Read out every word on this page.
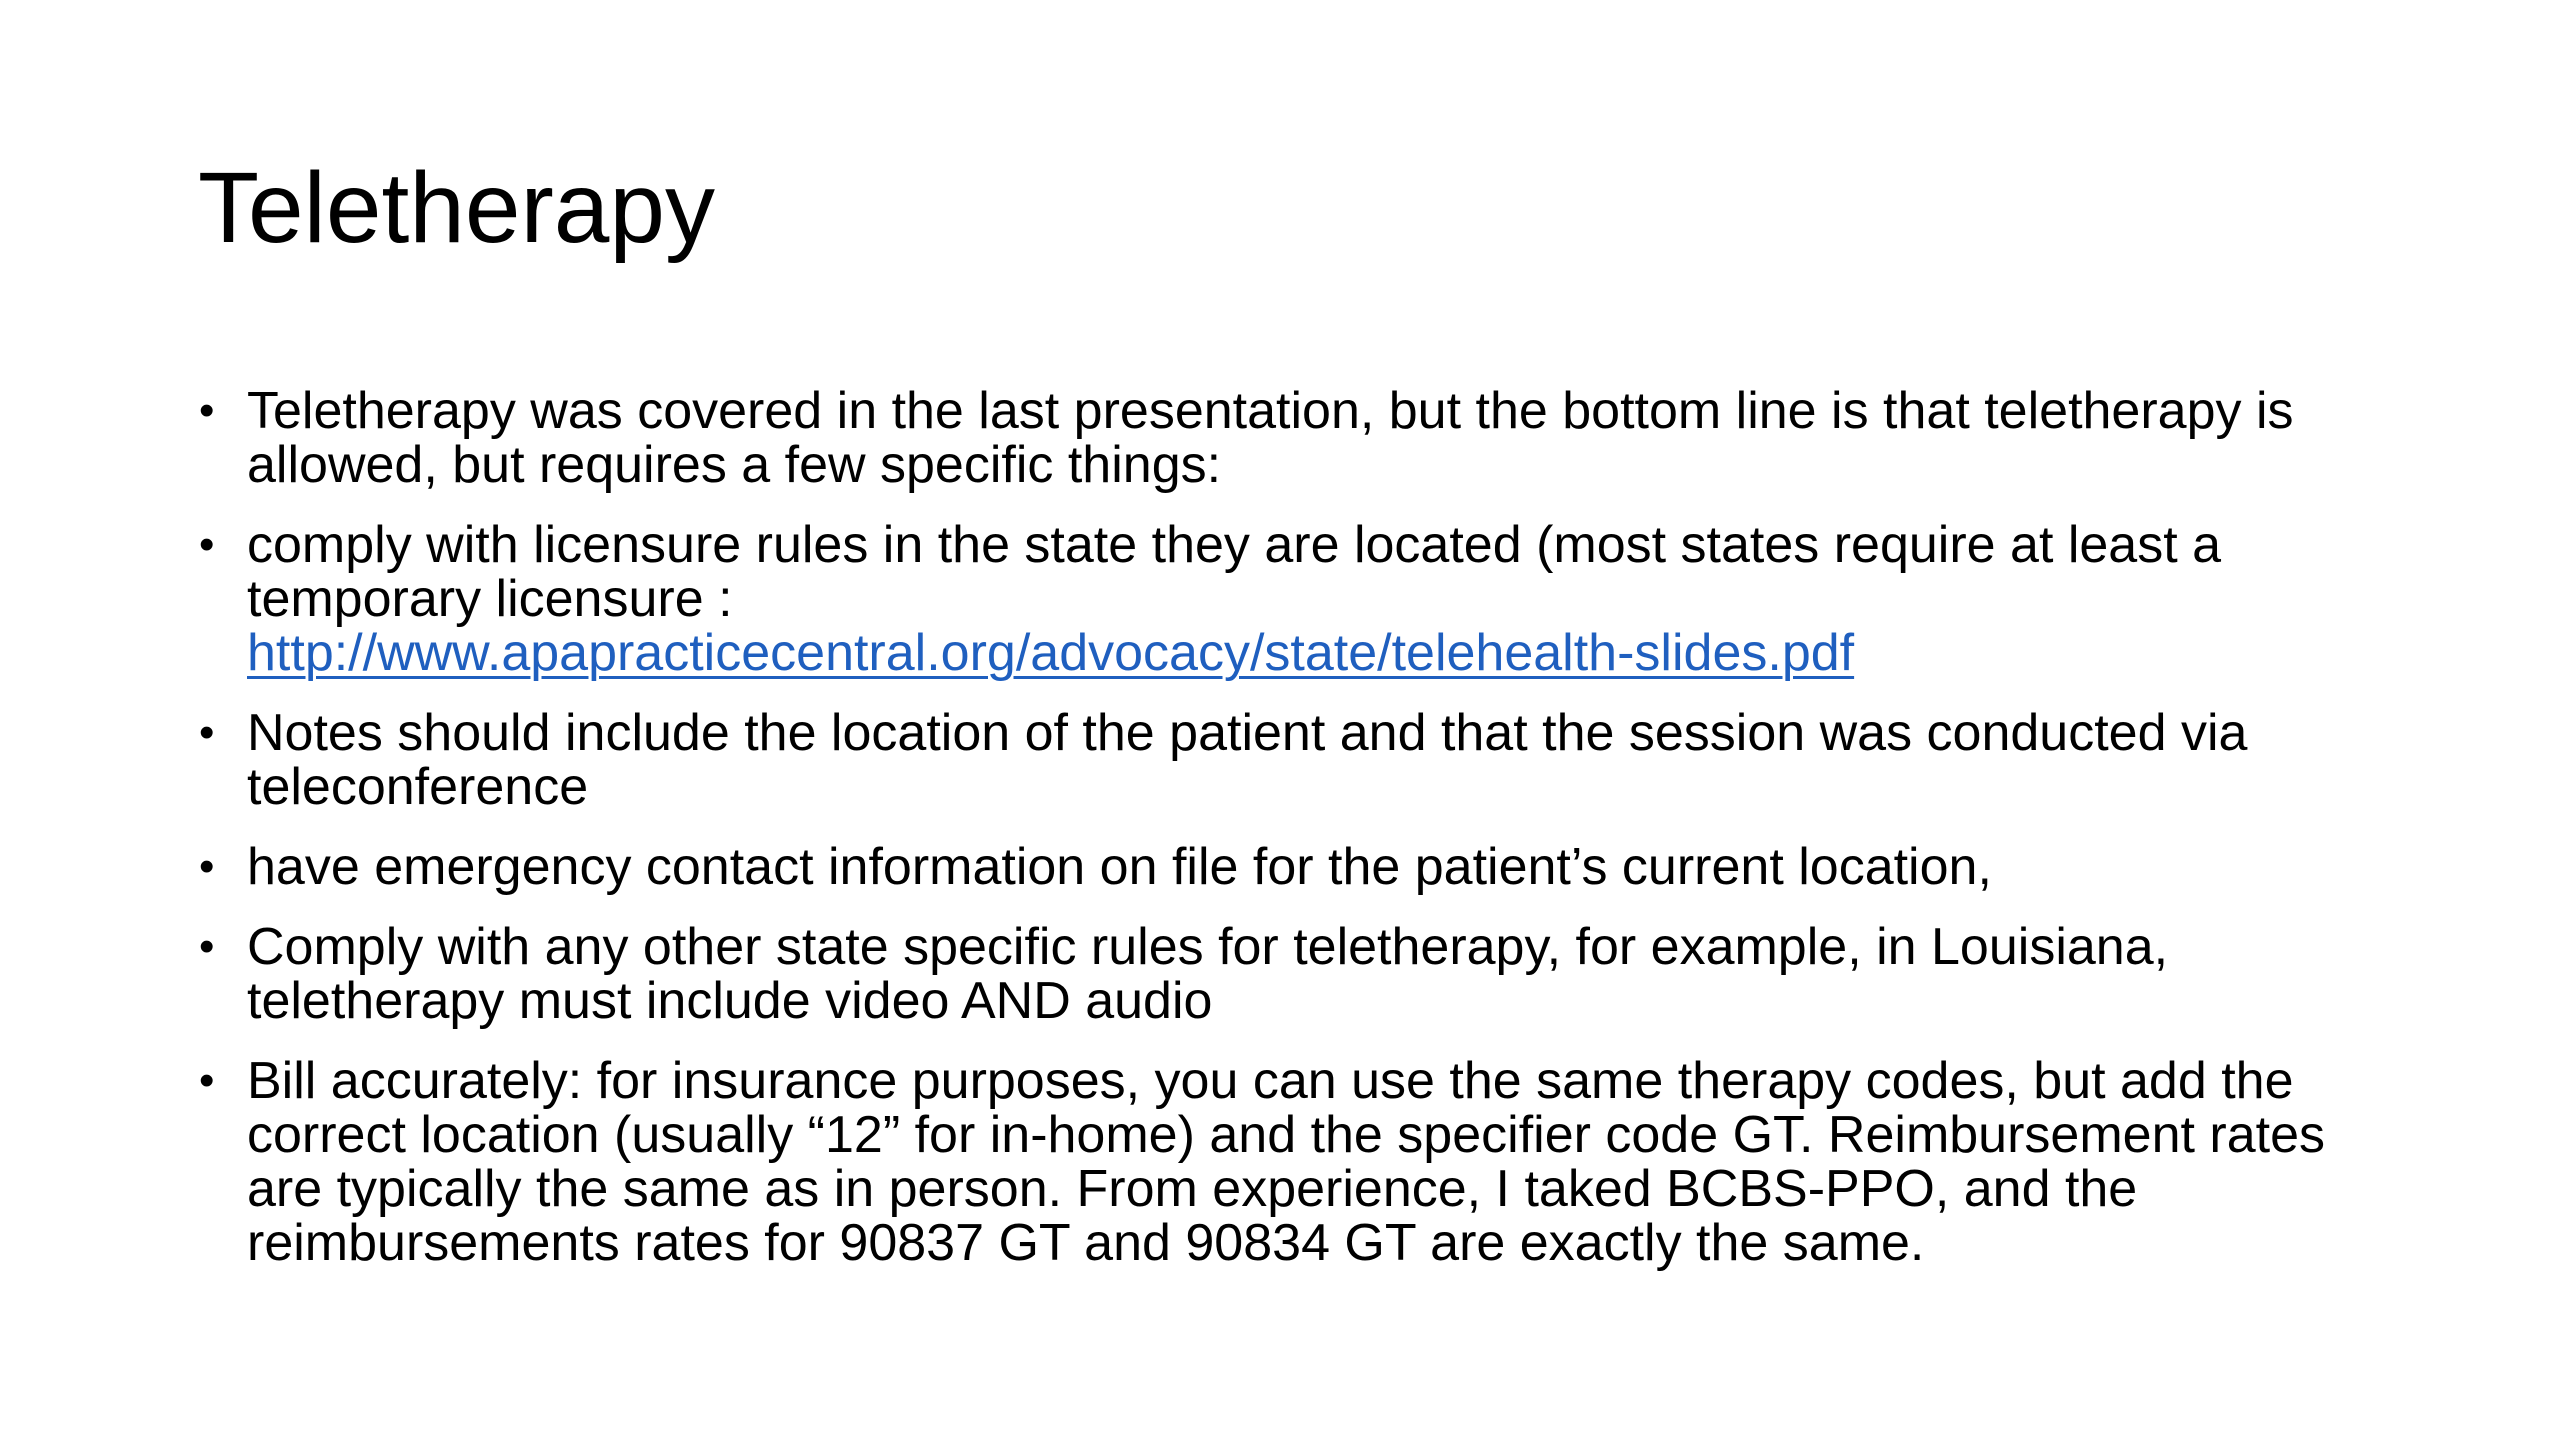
Teletherapy
• Teletherapy was covered in the last presentation, but the bottom line is that teletherapy is allowed, but requires a few specific things:
• comply with licensure rules in the state they are located (most states require at least a temporary licensure :
http://www.apapracticecentral.org/advocacy/state/telehealth-slides.pdf
• Notes should include the location of the patient and that the session was conducted via teleconference
• have emergency contact information on file for the patient’s current location,
• Comply with any other state specific rules for teletherapy, for example, in Louisiana, teletherapy must include video AND audio
• Bill accurately: for insurance purposes, you can use the same therapy codes, but add the correct location (usually “12” for in-home) and the specifier code GT. Reimbursement rates are typically the same as in person. From experience, I taked BCBS-PPO, and the reimbursements rates for 90837 GT and 90834 GT are exactly the same.
